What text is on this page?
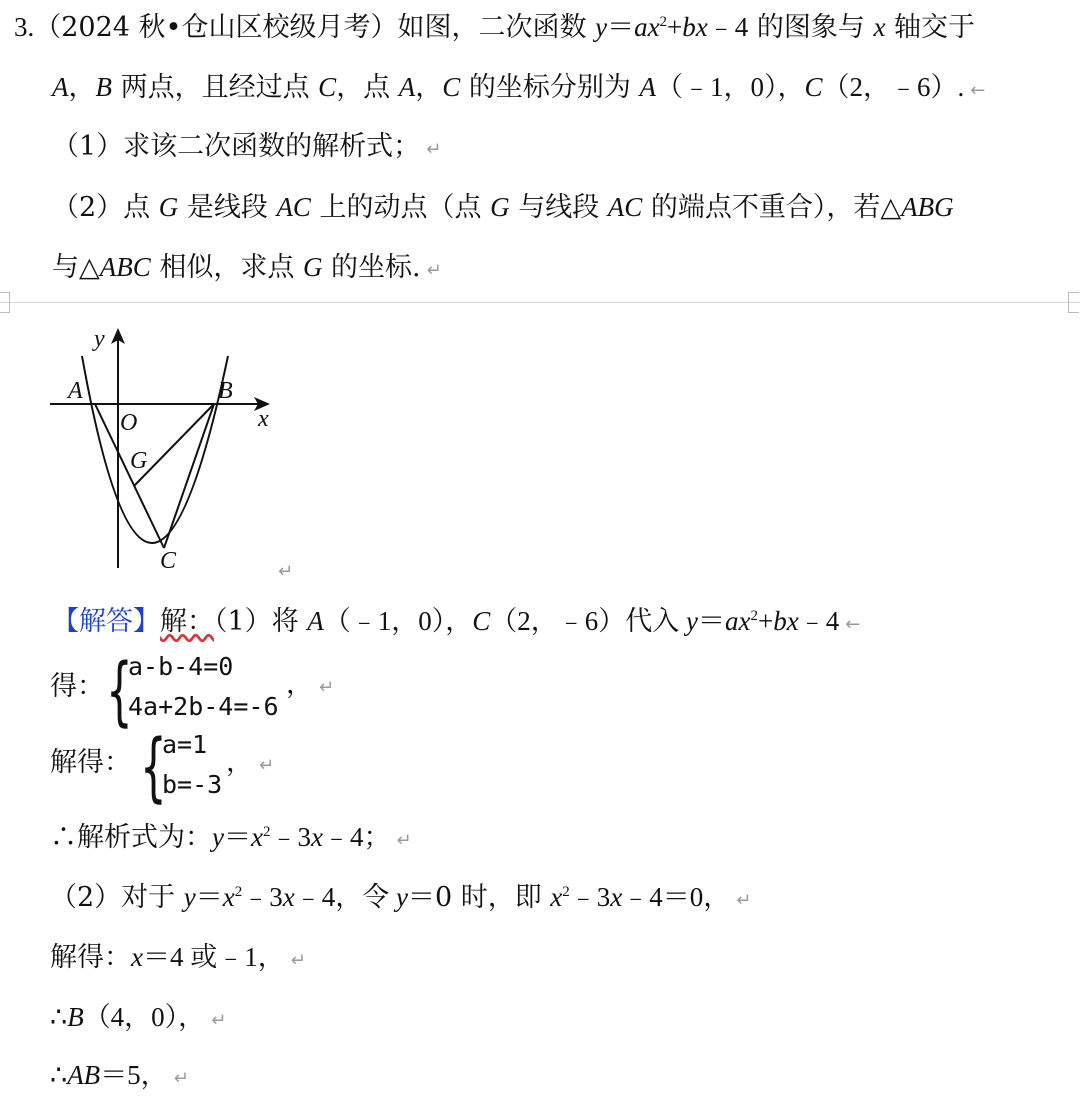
3.（2024 秋•仓山区校级月考）如图，二次函数 $y=ax^2+bx﹣4$ 的图象与 x 轴交于
A，B 两点，且经过点 C，点 A，C 的坐标分别为 A（﹣1，0），C（2，﹣6）. ←
（1）求该二次函数的解析式； ↵
（2）点 G 是线段 AC 上的动点（点 G 与线段 AC 的端点不重合），若△ABG
与△ABC 相似，求点 G 的坐标. ↵
y
x
O
A	B
G
C	↵
【解答】解：（1）将 A（﹣1，0），C（2，﹣6）代入 $y=ax^2+bx﹣4$ ←
得： {
a-b-4=0
4a+2b-4=-6
， ↵
解得： {
a=1
b=-3
， ↵
∴解析式为：$y=x^2﹣3x﹣4$； ↵
（2）对于 $y=x^2﹣3x﹣4$，令 y＝0 时，即 $x^2﹣3x﹣4=0$， ↵
解得：x＝4 或﹣1， ↵
∴B（4，0）， ↵
∴AB＝5， ↵
